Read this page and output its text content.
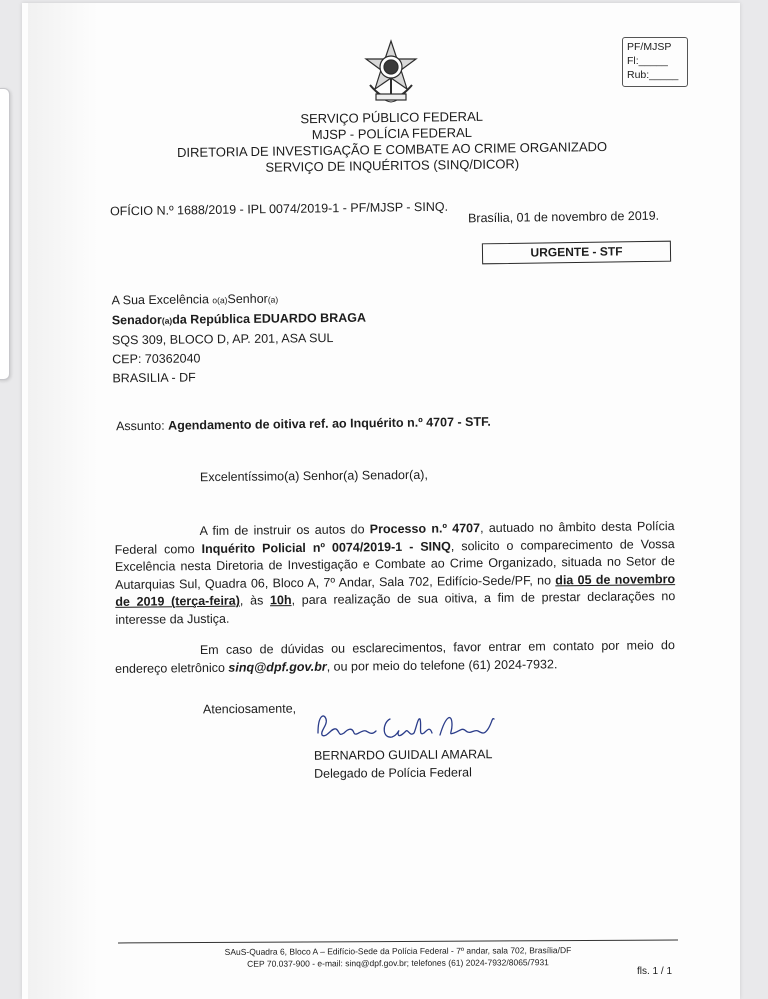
PF/MJSP
Fl:_____
Rub:_____
SERVIÇO PÚBLICO FEDERAL
MJSP - POLÍCIA FEDERAL
DIRETORIA DE INVESTIGAÇÃO E COMBATE AO CRIME ORGANIZADO
SERVIÇO DE INQUÉRITOS (SINQ/DICOR)
OFÍCIO N.º 1688/2019 - IPL 0074/2019-1 - PF/MJSP - SINQ. Brasília, 01 de novembro de 2019.
URGENTE - STF
A Sua Excelência o(a)Senhor(a)
Senador(a)da República EDUARDO BRAGA
SQS 309, BLOCO D, AP. 201, ASA SUL
CEP: 70362040
BRASILIA - DF
Assunto: Agendamento de oitiva ref. ao Inquérito n.º 4707 - STF.
Excelentíssimo(a) Senhor(a) Senador(a),
A fim de instruir os autos do Processo n.º 4707, autuado no âmbito desta Polícia Federal como Inquérito Policial nº 0074/2019-1 - SINQ, solicito o comparecimento de Vossa Excelência nesta Diretoria de Investigação e Combate ao Crime Organizado, situada no Setor de Autarquias Sul, Quadra 06, Bloco A, 7º Andar, Sala 702, Edifício-Sede/PF, no dia 05 de novembro de 2019 (terça-feira), às 10h, para realização de sua oitiva, a fim de prestar declarações no interesse da Justiça.
Em caso de dúvidas ou esclarecimentos, favor entrar em contato por meio do endereço eletrônico sinq@dpf.gov.br, ou por meio do telefone (61) 2024-7932.
Atenciosamente,
BERNARDO GUIDALI AMARAL
Delegado de Polícia Federal
SAuS-Quadra 6, Bloco A – Edifício-Sede da Polícia Federal - 7º andar, sala 702, Brasília/DF
CEP 70.037-900 - e-mail: sinq@dpf.gov.br; telefones (61) 2024-7932/8065/7931
fls. 1 / 1
